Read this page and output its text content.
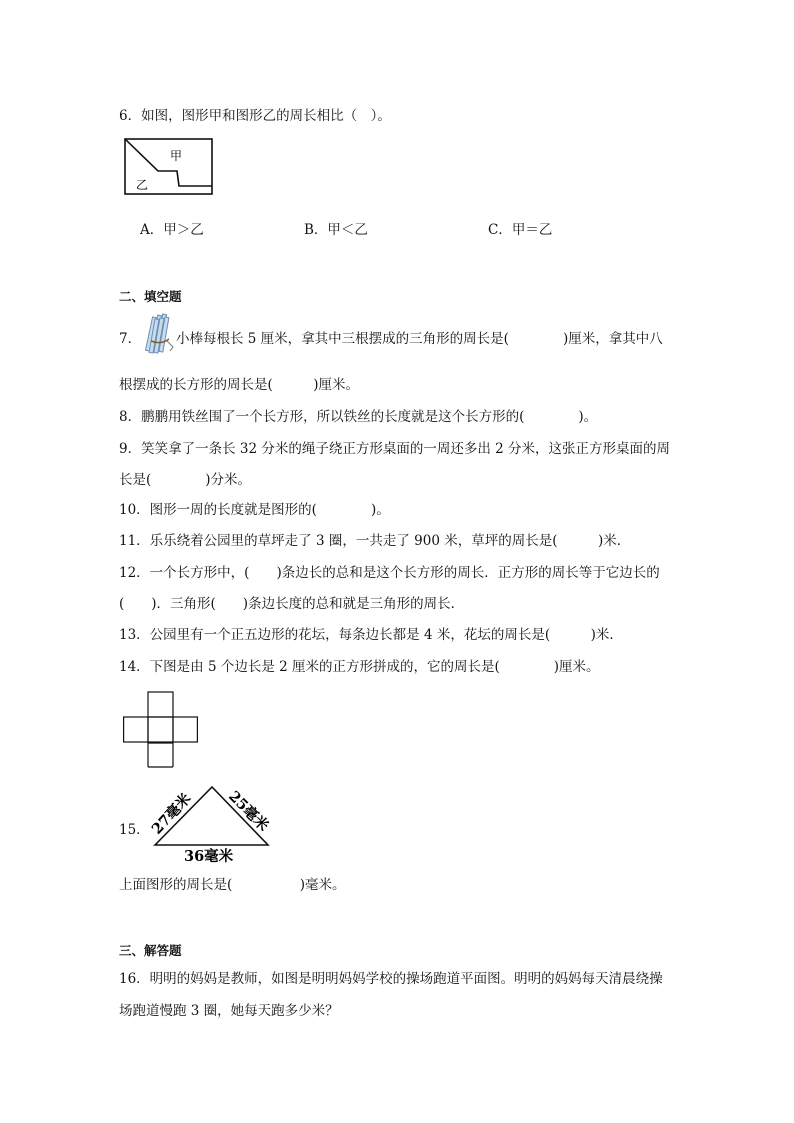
6．如图，图形甲和图形乙的周长相比（　）。
甲
乙
A．甲＞乙	B．甲＜乙	C．甲＝乙
二、填空题
7．	小棒每根长 5 厘米，拿其中三根摆成的三角形的周长是(　　　　)厘米，拿其中八
根摆成的长方形的周长是(　　　)厘米。
8．鹏鹏用铁丝围了一个长方形，所以铁丝的长度就是这个长方形的(　　　　)。
9．笑笑拿了一条长 32 分米的绳子绕正方形桌面的一周还多出 2 分米，这张正方形桌面的周
长是(　　　　)分米。
10．图形一周的长度就是图形的(　　　　)。
11．乐乐绕着公园里的草坪走了 3 圈，一共走了 900 米，草坪的周长是(　　　)米．
12．一个长方形中，(　　)条边长的总和是这个长方形的周长．正方形的周长等于它边长的
(　　)．三角形(　　)条边长度的总和就是三角形的周长．
13．公园里有一个正五边形的花坛，每条边长都是 4 米，花坛的周长是(　　　)米．
14．下图是由 5 个边长是 2 厘米的正方形拼成的，它的周长是(　　　　)厘米。
15．
27毫米 25毫米
36毫米
上面图形的周长是(　　　　　)毫米。
三、解答题
16．明明的妈妈是教师，如图是明明妈妈学校的操场跑道平面图。明明的妈妈每天清晨绕操
场跑道慢跑 3 圈，她每天跑多少米？
